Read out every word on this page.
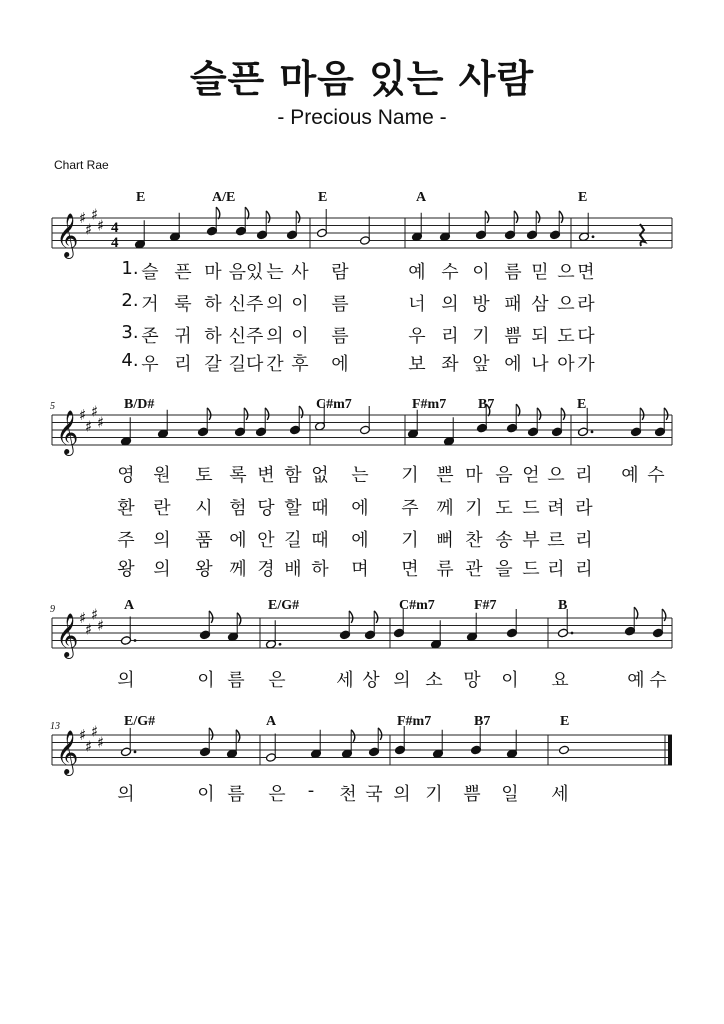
슬픈 마음 있는 사람
- Precious Name -
Chart Rae
𝄞 ♯
♯
♯
♯ 4
4
E	A/E	E	A	E
1. 슬 픈 마 음있 는 사 람	예 수 이 름 믿 으 면
2. 거 룩 하 신주 의 이 름	너 의 방 패 삼 으 라
3. 존 귀 하 신주 의 이 름	우 리 기 쁨 되 도 다
4. 우 리 갈 길다 간 후 에	보 좌 앞 에 나 아 가
𝄞 ♯
♯
♯
♯
5	B/D#	C#m7	F#m7 B7	E
영 원 토 록 변 함 없 는 기 쁜 마 음 얻 으 리 예 수
환 란 시 험 당 할 때 에 주 께 기 도 드 려 라
주 의 품 에 안 길 때 에 기 뻐 찬 송 부 르 리
왕 의 왕 께 경 배 하 며 면 류 관 을 드 리 리
𝄞 ♯
♯
♯
♯
9	A	E/G#	C#m7	F#7	B
의	이 름 은	세 상 의 소 망 이 요	예 수
𝄞 ♯
♯
♯
♯
13	E/G#	A	F#m7	B7	E
의	이 름 은 - 천 국 의 기 쁨 일 세
